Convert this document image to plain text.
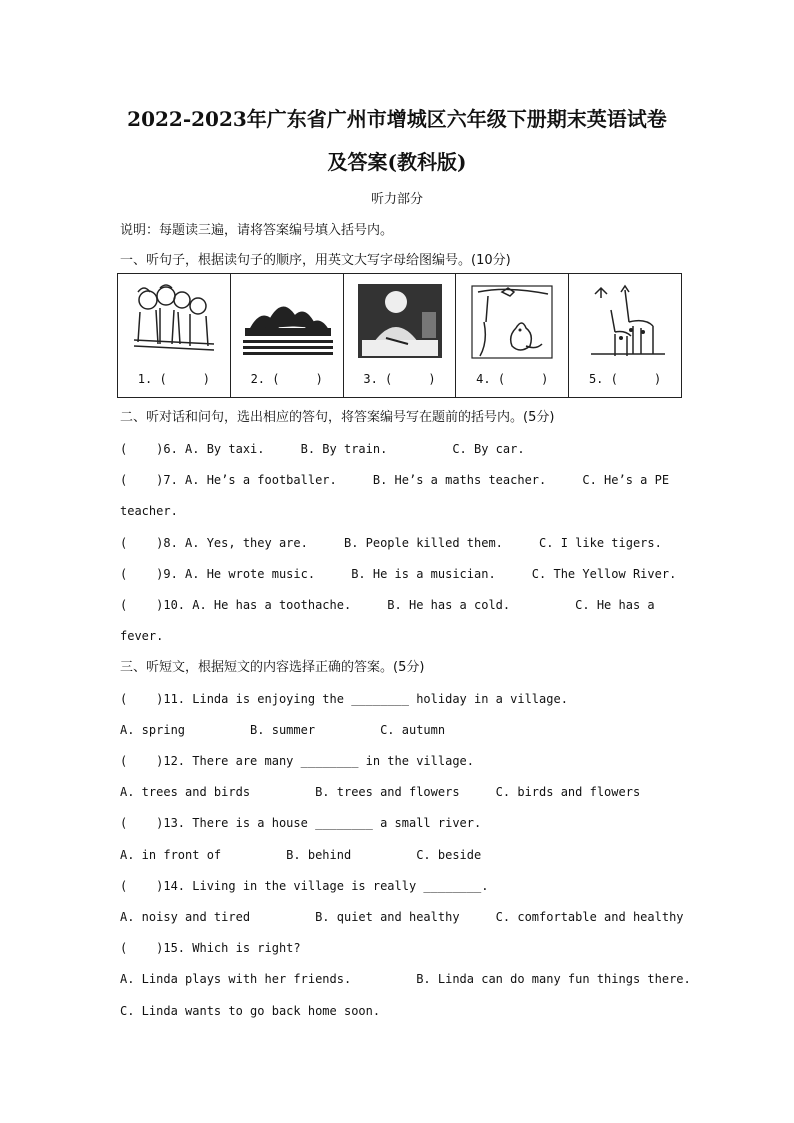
2022-2023年广东省广州市增城区六年级下册期末英语试卷
及答案(教科版)
听力部分
说明：每题读三遍，请将答案编号填入括号内。
一、听句子，根据读句子的顺序，用英文大写字母给图编号。(10分)
1. (     )	2. (     )	3. (     )	4. (     )	5. (     )
二、听对话和问句，选出相应的答句，将答案编号写在题前的括号内。(5分)
(    )6. A. By taxi.     B. By train.         C. By car.
(    )7. A. He’s a footballer.     B. He’s a maths teacher.     C. He’s a PE
teacher.
(    )8. A. Yes, they are.     B. People killed them.     C. I like tigers.
(    )9. A. He wrote music.     B. He is a musician.     C. The Yellow River.
(    )10. A. He has a toothache.     B. He has a cold.         C. He has a
fever.
三、听短文，根据短文的内容选择正确的答案。(5分)
(    )11. Linda is enjoying the ________ holiday in a village.
A. spring         B. summer         C. autumn
(    )12. There are many ________ in the village.
A. trees and birds         B. trees and flowers     C. birds and flowers
(    )13. There is a house ________ a small river.
A. in front of         B. behind         C. beside
(    )14. Living in the village is really ________.
A. noisy and tired         B. quiet and healthy     C. comfortable and healthy
(    )15. Which is right?
A. Linda plays with her friends.         B. Linda can do many fun things there.
C. Linda wants to go back home soon.
